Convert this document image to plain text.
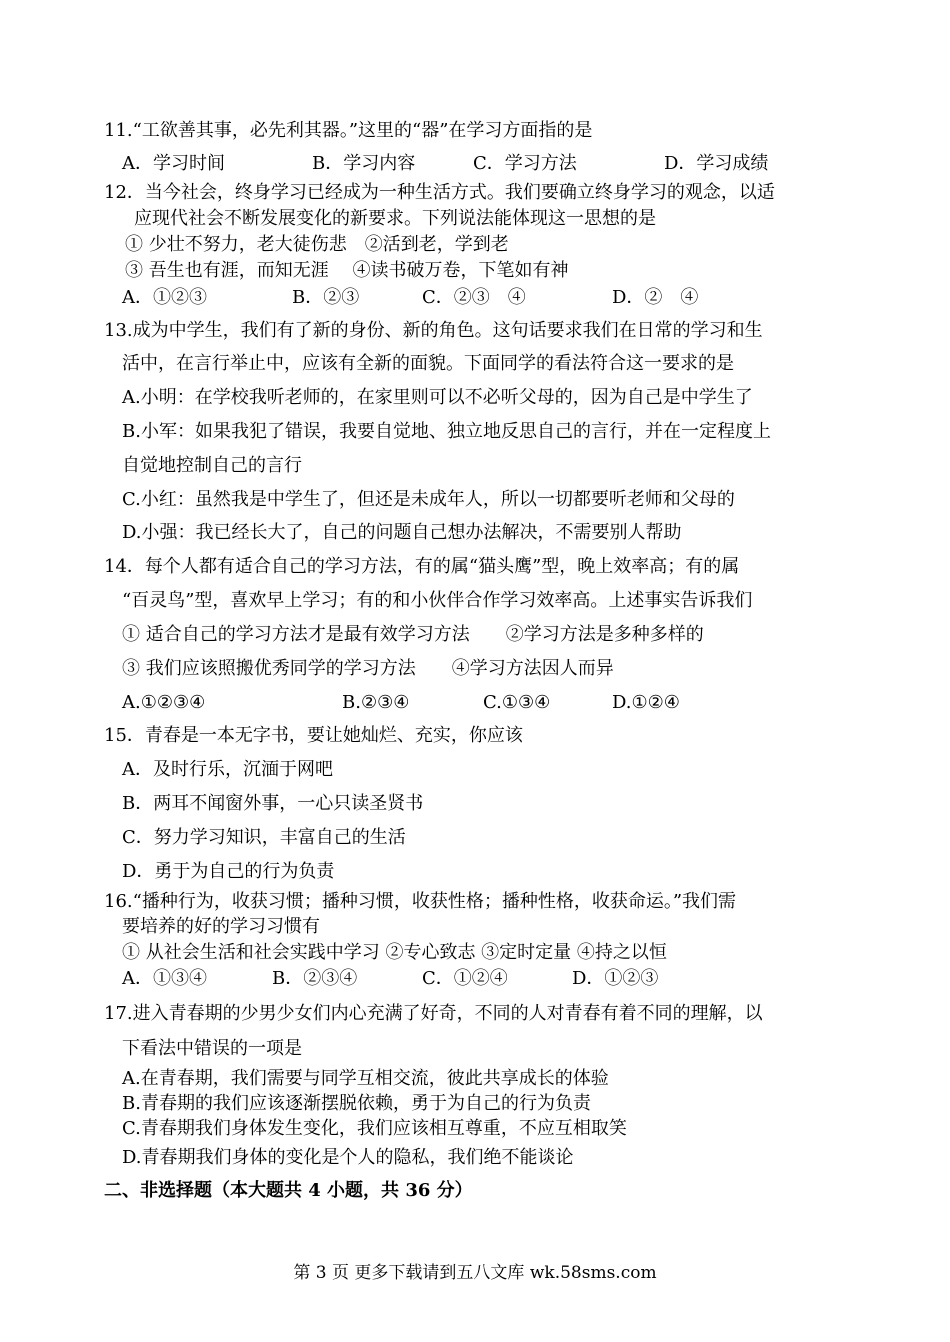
11.“工欲善其事，必先利其器。”这里的“器”在学习方面指的是
A．学习时间	B．学习内容	C．学习方法	D．学习成绩
12．当今社会，终身学习已经成为一种生活方式。我们要确立终身学习的观念，以适
应现代社会不断发展变化的新要求。下列说法能体现这一思想的是
① 少壮不努力，老大徒伤悲　②活到老，学到老
③ 吾生也有涯，而知无涯　 ④读书破万卷，下笔如有神
A．①②③	B．②③	C．②③　④	D．②　④
13.成为中学生，我们有了新的身份、新的角色。这句话要求我们在日常的学习和生
活中，在言行举止中，应该有全新的面貌。下面同学的看法符合这一要求的是
A.小明：在学校我听老师的，在家里则可以不必听父母的，因为自己是中学生了
B.小军：如果我犯了错误，我要自觉地、独立地反思自己的言行，并在一定程度上
自觉地控制自己的言行
C.小红：虽然我是中学生了，但还是未成年人，所以一切都要听老师和父母的
D.小强：我已经长大了，自己的问题自己想办法解决，不需要别人帮助
14．每个人都有适合自己的学习方法，有的属“猫头鹰”型，晚上效率高；有的属
“百灵鸟”型，喜欢早上学习；有的和小伙伴合作学习效率高。上述事实告诉我们
① 适合自己的学习方法才是最有效学习方法　　②学习方法是多种多样的
③ 我们应该照搬优秀同学的学习方法　　④学习方法因人而异
A.①②③④	B.②③④	C.①③④	D.①②④
15．青春是一本无字书，要让她灿烂、充实，你应该
A．及时行乐，沉湎于网吧
B．两耳不闻窗外事，一心只读圣贤书
C．努力学习知识，丰富自己的生活
D．勇于为自己的行为负责
16.“播种行为，收获习惯；播种习惯，收获性格；播种性格，收获命运。”我们需
要培养的好的学习习惯有
① 从社会生活和社会实践中学习 ②专心致志 ③定时定量 ④持之以恒
A．①③④	B．②③④	C．①②④	D．①②③
17.进入青春期的少男少女们内心充满了好奇，不同的人对青春有着不同的理解，以
下看法中错误的一项是
A.在青春期，我们需要与同学互相交流，彼此共享成长的体验
B.青春期的我们应该逐渐摆脱依赖，勇于为自己的行为负责
C.青春期我们身体发生变化，我们应该相互尊重，不应互相取笑
D.青春期我们身体的变化是个人的隐私，我们绝不能谈论
二、非选择题（本大题共 4 小题，共 36 分）
第 3 页 更多下载请到五八文库 wk.58sms.com
